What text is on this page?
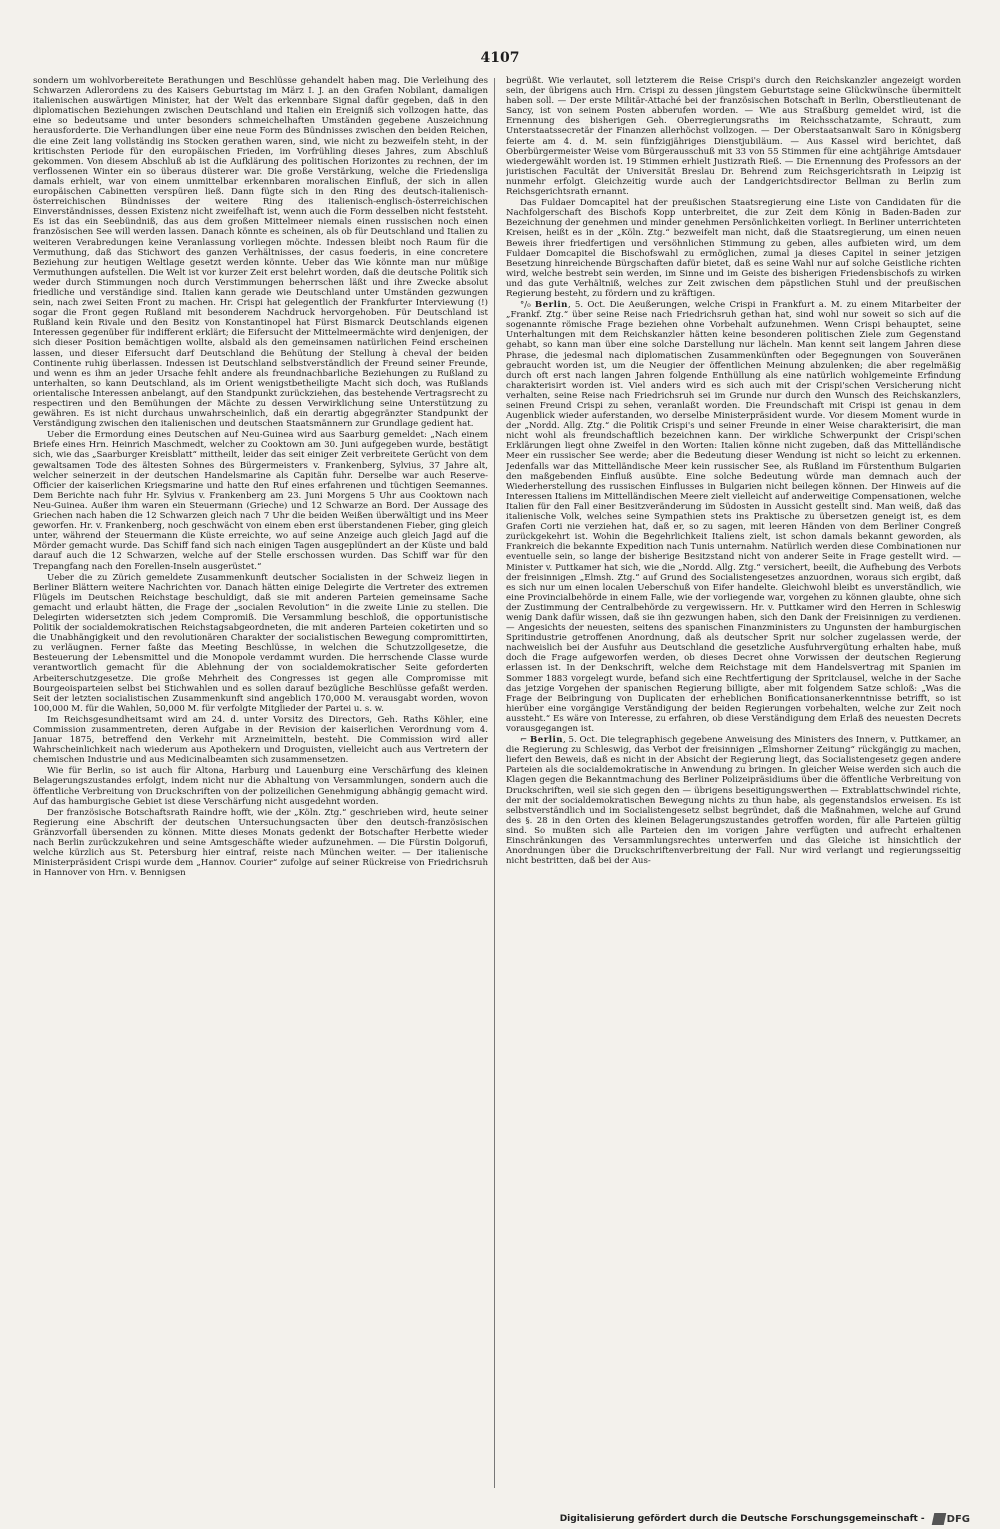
4107

sondern um wohlvorbereitete Berathungen und Beschlüsse gehandelt haben mag. Die Verleihung des Schwarzen Adlerordens zu des Kaisers Geburtstag im März I. J. an den Grafen Nobilant, damaligen italienischen auswärtigen Minister, hat der Welt das erkennbare Signal dafür gegeben, daß in den diplomatischen Beziehungen zwischen Deutschland und Italien ein Ereigniß sich vollzogen hatte, das eine so bedeutsame und unter besonders schmeichelhaften Umständen gegebene Auszeichnung herausforderte. Die Verhandlungen über eine neue Form des Bündnisses zwischen den beiden Reichen, die eine Zeit lang vollständig ins Stocken gerathen waren, sind, wie nicht zu bezweifeln steht, in der kritischsten Periode für den europäischen Frieden, im Vorfrühling dieses Jahres, zum Abschluß gekommen. Von diesem Abschluß ab ist die Aufklärung des politischen Horizontes zu rechnen, der im verflossenen Winter ein so überaus düsterer war. Die große Verstärkung, welche die Friedensliga damals erhielt, war von einem unmittelbar erkennbaren moralischen Einfluß, der sich in allen europäischen Cabinetten verspüren ließ. Dann fügte sich in den Ring des deutsch-italienisch-österreichischen Bündnisses der weitere Ring des italienisch-englisch-österreichischen Einverständnisses, dessen Existenz nicht zweifelhaft ist, wenn auch die Form desselben nicht feststeht. Es ist das ein Seebündniß, das aus dem großen Mittelmeer niemals einen russischen noch einen französischen See will werden lassen. Danach könnte es scheinen, als ob für Deutschland und Italien zu weiteren Verabredungen keine Veranlassung vorliegen möchte. Indessen bleibt noch Raum für die Vermuthung, daß das Stichwort des ganzen Verhältnisses, der casus foederis, in eine concretere Beziehung zur heutigen Weltlage gesetzt werden könnte. Ueber das Wie könnte man nur müßige Vermuthungen aufstellen. Die Welt ist vor kurzer Zeit erst belehrt worden, daß die deutsche Politik sich weder durch Stimmungen noch durch Verstimmungen beherrschen läßt und ihre Zwecke absolut friedliche und verständige sind. Italien kann gerade wie Deutschland unter Umständen gezwungen sein, nach zwei Seiten Front zu machen. Hr. Crispi hat gelegentlich der Frankfurter Interviewung (!) sogar die Front gegen Rußland mit besonderem Nachdruck hervorgehoben. Für Deutschland ist Rußland kein Rivale und den Besitz von Konstantinopel hat Fürst Bismarck Deutschlands eigenen Interessen gegenüber für indifferent erklärt; die Eifersucht der Mittelmeermächte wird denjenigen, der sich dieser Position bemächtigen wollte, alsbald als den gemeinsamen natürlichen Feind erscheinen lassen, und dieser Eifersucht darf Deutschland die Behütung der Stellung à cheval der beiden Continente ruhig überlassen. Indessen ist Deutschland selbstverständlich der Freund seiner Freunde, und wenn es ihm an jeder Ursache fehlt andere als freundnachbarliche Beziehungen zu Rußland zu unterhalten, so kann Deutschland, als im Orient wenigstbetheiligte Macht sich doch, was Rußlands orientalische Interessen anbelangt, auf den Standpunkt zurückziehen, das bestehende Vertragsrecht zu respectiren und den Bemühungen der Mächte zu dessen Verwirklichung seine Unterstützung zu gewähren. Es ist nicht durchaus unwahrscheinlich, daß ein derartig abgegränzter Standpunkt der Verständigung zwischen den italienischen und deutschen Staatsmännern zur Grundlage gedient hat.

Ueber die Ermordung eines Deutschen auf Neu-Guinea wird aus Saarburg gemeldet: „Nach einem Briefe eines Hrn. Heinrich Maschmedt, welcher zu Cooktown am 30. Juni aufgegeben wurde, bestätigt sich, wie das „Saarburger Kreisblatt“ mittheilt, leider das seit einiger Zeit verbreitete Gerücht von dem gewaltsamen Tode des ältesten Sohnes des Bürgermeisters v. Frankenberg, Sylvius, 37 Jahre alt, welcher seinerzeit in der deutschen Handelsmarine als Capitän fuhr. Derselbe war auch Reserve-Officier der kaiserlichen Kriegsmarine und hatte den Ruf eines erfahrenen und tüchtigen Seemannes. Dem Berichte nach fuhr Hr. Sylvius v. Frankenberg am 23. Juni Morgens 5 Uhr aus Cooktown nach Neu-Guinea. Außer ihm waren ein Steuermann (Grieche) und 12 Schwarze an Bord. Der Aussage des Griechen nach haben die 12 Schwarzen gleich nach 7 Uhr die beiden Weißen überwältigt und ins Meer geworfen. Hr. v. Frankenberg, noch geschwächt von einem eben erst überstandenen Fieber, ging gleich unter, während der Steuermann die Küste erreichte, wo auf seine Anzeige auch gleich Jagd auf die Mörder gemacht wurde. Das Schiff fand sich nach einigen Tagen ausgeplündert an der Küste und bald darauf auch die 12 Schwarzen, welche auf der Stelle erschossen wurden. Das Schiff war für den Trepangfang nach den Forellen-Inseln ausgerüstet.“

Ueber die zu Zürich gemeldete Zusammenkunft deutscher Socialisten in der Schweiz liegen in Berliner Blättern weitere Nachrichten vor. Danach hätten einige Delegirte die Vertreter des extremen Flügels im Deutschen Reichstage beschuldigt, daß sie mit anderen Parteien gemeinsame Sache gemacht und erlaubt hätten, die Frage der „socialen Revolution“ in die zweite Linie zu stellen. Die Delegirten widersetzten sich jedem Compromiß. Die Versammlung beschloß, die opportunistische Politik der socialdemokratischen Reichstagsabgeordneten, die mit anderen Parteien coketirten und so die Unabhängigkeit und den revolutionären Charakter der socialistischen Bewegung compromittirten, zu verläugnen. Ferner faßte das Meeting Beschlüsse, in welchen die Schutzzollgesetze, die Besteuerung der Lebensmittel und die Monopole verdammt wurden. Die herrschende Classe wurde verantwortlich gemacht für die Ablehnung der von socialdemokratischer Seite geforderten Arbeiterschutzgesetze. Die große Mehrheit des Congresses ist gegen alle Compromisse mit Bourgeoisparteien selbst bei Stichwahlen und es sollen darauf bezügliche Beschlüsse gefaßt werden. Seit der letzten socialistischen Zusammenkunft sind angeblich 170,000 M. verausgabt worden, wovon 100,000 M. für die Wahlen, 50,000 M. für verfolgte Mitglieder der Partei u. s. w.

Im Reichsgesundheitsamt wird am 24. d. unter Vorsitz des Directors, Geh. Raths Köhler, eine Commission zusammentreten, deren Aufgabe in der Revision der kaiserlichen Verordnung vom 4. Januar 1875, betreffend den Verkehr mit Arzneimitteln, besteht. Die Commission wird aller Wahrscheinlichkeit nach wiederum aus Apothekern und Droguisten, vielleicht auch aus Vertretern der chemischen Industrie und aus Medicinalbeamten sich zusammensetzen.

Wie für Berlin, so ist auch für Altona, Harburg und Lauenburg eine Verschärfung des kleinen Belagerungszustandes erfolgt, indem nicht nur die Abhaltung von Versammlungen, sondern auch die öffentliche Verbreitung von Druckschriften von der polizeilichen Genehmigung abhängig gemacht wird. Auf das hamburgische Gebiet ist diese Verschärfung nicht ausgedehnt worden.

Der französische Botschaftsrath Raindre hofft, wie der „Köln. Ztg.“ geschrieben wird, heute seiner Regierung eine Abschrift der deutschen Untersuchungsacten über den deutsch-französischen Gränzvorfall übersenden zu können. Mitte dieses Monats gedenkt der Botschafter Herbette wieder nach Berlin zurückzukehren und seine Amtsgeschäfte wieder aufzunehmen. — Die Fürstin Dolgorufi, welche kürzlich aus St. Petersburg hier eintraf, reiste nach München weiter. — Der italienische Ministerpräsident Crispi wurde dem „Hannov. Courier“ zufolge auf seiner Rückreise von Friedrichsruh in Hannover von Hrn. v. Bennigsen

begrüßt. Wie verlautet, soll letzterem die Reise Crispi's durch den Reichskanzler angezeigt worden sein, der übrigens auch Hrn. Crispi zu dessen jüngstem Geburtstage seine Glückwünsche übermittelt haben soll. — Der erste Militär-Attaché bei der französischen Botschaft in Berlin, Oberstlieutenant de Sancy, ist von seinem Posten abberufen worden. — Wie aus Straßburg gemeldet wird, ist die Ernennung des bisherigen Geh. Oberregierungsraths im Reichsschatzamte, Schrautt, zum Unterstaatssecretär der Finanzen allerhöchst vollzogen. — Der Oberstaatsanwalt Saro in Königsberg feierte am 4. d. M. sein fünfzigjähriges Dienstjubiläum. — Aus Kassel wird berichtet, daß Oberbürgermeister Weise vom Bürgerausschuß mit 33 von 55 Stimmen für eine achtjährige Amtsdauer wiedergewählt worden ist. 19 Stimmen erhielt Justizrath Rieß. — Die Ernennung des Professors an der juristischen Facultät der Universität Breslau Dr. Behrend zum Reichsgerichtsrath in Leipzig ist nunmehr erfolgt. Gleichzeitig wurde auch der Landgerichtsdirector Bellman zu Berlin zum Reichsgerichtsrath ernannt.

Das Fuldaer Domcapitel hat der preußischen Staatsregierung eine Liste von Candidaten für die Nachfolgerschaft des Bischofs Kopp unterbreitet, die zur Zeit dem König in Baden-Baden zur Bezeichnung der genehmen und minder genehmen Persönlichkeiten vorliegt. In Berliner unterrichteten Kreisen, heißt es in der „Köln. Ztg.“ bezweifelt man nicht, daß die Staatsregierung, um einen neuen Beweis ihrer friedfertigen und versöhnlichen Stimmung zu geben, alles aufbieten wird, um dem Fuldaer Domcapitel die Bischofswahl zu ermöglichen, zumal ja dieses Capitel in seiner jetzigen Besetzung hinreichende Bürgschaften dafür bietet, daß es seine Wahl nur auf solche Geistliche richten wird, welche bestrebt sein werden, im Sinne und im Geiste des bisherigen Friedensbischofs zu wirken und das gute Verhältniß, welches zur Zeit zwischen dem päpstlichen Stuhl und der preußischen Regierung besteht, zu fördern und zu kräftigen.

°/₀ Berlin, 5. Oct. Die Aeußerungen, welche Crispi in Frankfurt a. M. zu einem Mitarbeiter der „Frankf. Ztg.“ über seine Reise nach Friedrichsruh gethan hat, sind wohl nur soweit so sich auf die sogenannte römische Frage beziehen ohne Vorbehalt aufzunehmen. Wenn Crispi behauptet, seine Unterhaltungen mit dem Reichskanzler hätten keine besonderen politischen Ziele zum Gegenstand gehabt, so kann man über eine solche Darstellung nur lächeln. Man kennt seit langem Jahren diese Phrase, die jedesmal nach diplomatischen Zusammenkünften oder Begegnungen von Souveränen gebraucht worden ist, um die Neugier der öffentlichen Meinung abzulenken; die aber regelmäßig durch oft erst nach langen Jahren folgende Enthüllung als eine natürlich wohlgemeinte Erfindung charakterisirt worden ist. Viel anders wird es sich auch mit der Crispi'schen Versicherung nicht verhalten, seine Reise nach Friedrichsruh sei im Grunde nur durch den Wunsch des Reichskanzlers, seinen Freund Crispi zu sehen, veranlaßt worden. Die Freundschaft mit Crispi ist genau in dem Augenblick wieder auferstanden, wo derselbe Ministerpräsident wurde. Vor diesem Moment wurde in der „Nordd. Allg. Ztg.“ die Politik Crispi's und seiner Freunde in einer Weise charakterisirt, die man nicht wohl als freundschaftlich bezeichnen kann. Der wirkliche Schwerpunkt der Crispi'schen Erklärungen liegt ohne Zweifel in den Worten: Italien könne nicht zugeben, daß das Mittelländische Meer ein russischer See werde; aber die Bedeutung dieser Wendung ist nicht so leicht zu erkennen. Jedenfalls war das Mittelländische Meer kein russischer See, als Rußland im Fürstenthum Bulgarien den maßgebenden Einfluß ausübte. Eine solche Bedeutung würde man demnach auch der Wiederherstellung des russischen Einflusses in Bulgarien nicht beilegen können. Der Hinweis auf die Interessen Italiens im Mittelländischen Meere zielt vielleicht auf anderweitige Compensationen, welche Italien für den Fall einer Besitzveränderung im Südosten in Aussicht gestellt sind. Man weiß, daß das italienische Volk, welches seine Sympathien stets ins Praktische zu übersetzen geneigt ist, es dem Grafen Corti nie verziehen hat, daß er, so zu sagen, mit leeren Händen von dem Berliner Congreß zurückgekehrt ist. Wohin die Begehrlichkeit Italiens zielt, ist schon damals bekannt geworden, als Frankreich die bekannte Expedition nach Tunis unternahm. Natürlich werden diese Combinationen nur eventuelle sein, so lange der bisherige Besitzstand nicht von anderer Seite in Frage gestellt wird. — Minister v. Puttkamer hat sich, wie die „Nordd. Allg. Ztg.“ versichert, beeilt, die Aufhebung des Verbots der freisinnigen „Elmsh. Ztg.“ auf Grund des Socialistengesetzes anzuordnen, woraus sich ergibt, daß es sich nur um einen localen Ueberschuß von Eifer handelte. Gleichwohl bleibt es unverständlich, wie eine Provincialbehörde in einem Falle, wie der vorliegende war, vorgehen zu können glaubte, ohne sich der Zustimmung der Centralbehörde zu vergewissern. Hr. v. Puttkamer wird den Herren in Schleswig wenig Dank dafür wissen, daß sie ihn gezwungen haben, sich den Dank der Freisinnigen zu verdienen. — Angesichts der neuesten, seitens des spanischen Finanzministers zu Ungunsten der hamburgischen Spritindustrie getroffenen Anordnung, daß als deutscher Sprit nur solcher zugelassen werde, der nachweislich bei der Ausfuhr aus Deutschland die gesetzliche Ausfuhrvergütung erhalten habe, muß doch die Frage aufgeworfen werden, ob dieses Decret ohne Vorwissen der deutschen Regierung erlassen ist. In der Denkschrift, welche dem Reichstage mit dem Handelsvertrag mit Spanien im Sommer 1883 vorgelegt wurde, befand sich eine Rechtfertigung der Spritclausel, welche in der Sache das jetzige Vorgehen der spanischen Regierung billigte, aber mit folgendem Satze schloß: „Was die Frage der Beibringung von Duplicaten der erheblichen Bonificationsanerkenntnisse betrifft, so ist hierüber eine vorgängige Verständigung der beiden Regierungen vorbehalten, welche zur Zeit noch aussteht.“ Es wäre von Interesse, zu erfahren, ob diese Verständigung dem Erlaß des neuesten Decrets vorausgegangen ist.

⌐ Berlin, 5. Oct. Die telegraphisch gegebene Anweisung des Ministers des Innern, v. Puttkamer, an die Regierung zu Schleswig, das Verbot der freisinnigen „Elmshorner Zeitung“ rückgängig zu machen, liefert den Beweis, daß es nicht in der Absicht der Regierung liegt, das Socialistengesetz gegen andere Parteien als die socialdemokratische in Anwendung zu bringen. In gleicher Weise werden sich auch die Klagen gegen die Bekanntmachung des Berliner Polizeipräsidiums über die öffentliche Verbreitung von Druckschriften, weil sie sich gegen den — übrigens beseitigungswerthen — Extrablattschwindel richte, der mit der socialdemokratischen Bewegung nichts zu thun habe, als gegenstandslos erweisen. Es ist selbstverständlich und im Socialistengesetz selbst begründet, daß die Maßnahmen, welche auf Grund des §. 28 in den Orten des kleinen Belagerungszustandes getroffen worden, für alle Parteien gültig sind. So mußten sich alle Parteien den im vorigen Jahre verfügten und aufrecht erhaltenen Einschränkungen des Versammlungsrechtes unterwerfen und das Gleiche ist hinsichtlich der Anordnungen über die Druckschriftenverbreitung der Fall. Nur wird verlangt und regierungsseitig nicht bestritten, daß bei der Aus-

Digitalisierung gefördert durch die Deutsche Forschungsgemeinschaft - DFG
